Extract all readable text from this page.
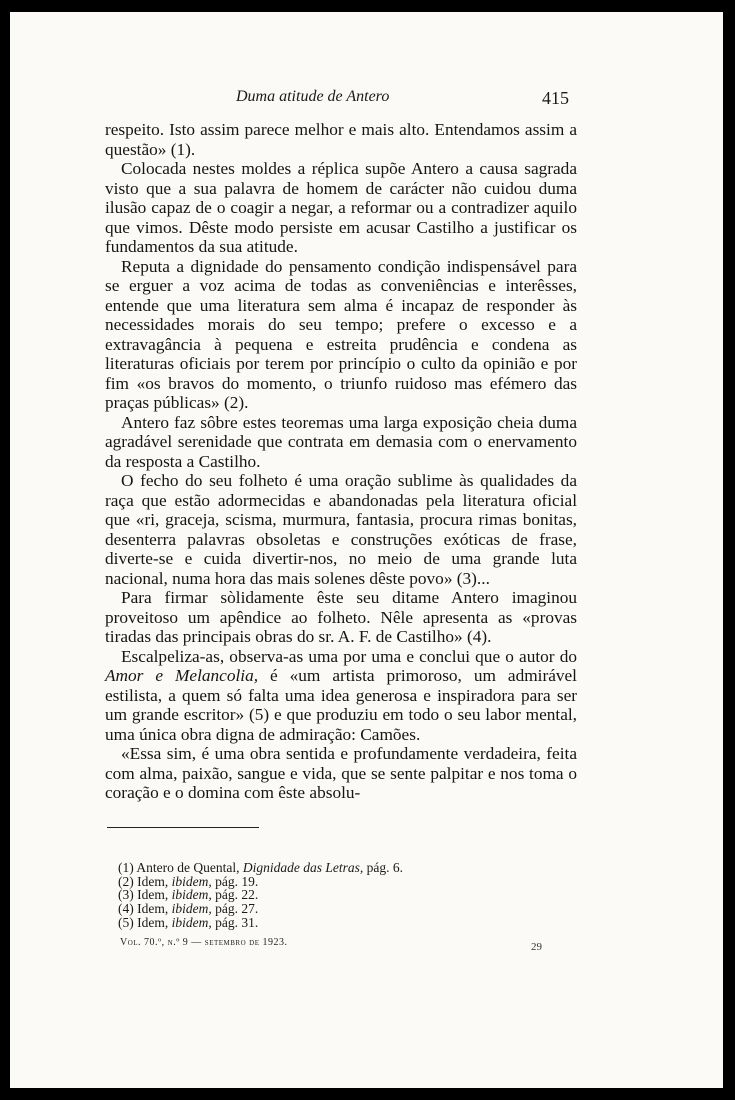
Duma atitude de Antero	415

respeito. Isto assim parece melhor e mais alto. Entendamos assim a questão» (1).

Colocada nestes moldes a réplica supõe Antero a causa sagrada visto que a sua palavra de homem de carácter não cuidou duma ilusão capaz de o coagir a negar, a reformar ou a contradizer aquilo que vimos. Dêste modo persiste em acusar Castilho a justificar os fundamentos da sua atitude.

Reputa a dignidade do pensamento condição indispensável para se erguer a voz acima de todas as conveniências e interêsses, entende que uma literatura sem alma é incapaz de responder às necessidades morais do seu tempo; prefere o excesso e a extravagância à pequena e estreita prudência e condena as literaturas oficiais por terem por princípio o culto da opinião e por fim «os bravos do momento, o triunfo ruidoso mas efémero das praças públicas» (2).

Antero faz sôbre estes teoremas uma larga exposição cheia duma agradável serenidade que contrata em demasia com o enervamento da resposta a Castilho.

O fecho do seu folheto é uma oração sublime às qualidades da raça que estão adormecidas e abandonadas pela literatura oficial que «ri, graceja, scisma, murmura, fantasia, procura rimas bonitas, desenterra palavras obsoletas e construções exóticas de frase, diverte-se e cuida divertir-nos, no meio de uma grande luta nacional, numa hora das mais solenes dêste povo» (3)...

Para firmar sòlidamente êste seu ditame Antero imaginou proveitoso um apêndice ao folheto. Nêle apresenta as «provas tiradas das principais obras do sr. A. F. de Castilho» (4).

Escalpeliza-as, observa-as uma por uma e conclui que o autor do Amor e Melancolia, é «um artista primoroso, um admirável estilista, a quem só falta uma idea generosa e inspiradora para ser um grande escritor» (5) e que produziu em todo o seu labor mental, uma única obra digna de admiração: Camões.

«Essa sim, é uma obra sentida e profundamente verdadeira, feita com alma, paixão, sangue e vida, que se sente palpitar e nos toma o coração e o domina com êste absolu-

(1) Antero de Quental, Dignidade das Letras, pág. 6.
(2) Idem, ibidem, pág. 19.
(3) Idem, ibidem, pág. 22.
(4) Idem, ibidem, pág. 27.
(5) Idem, ibidem, pág. 31.
Vol. 70.º, n.º 9 — setembro de 1923.	29
